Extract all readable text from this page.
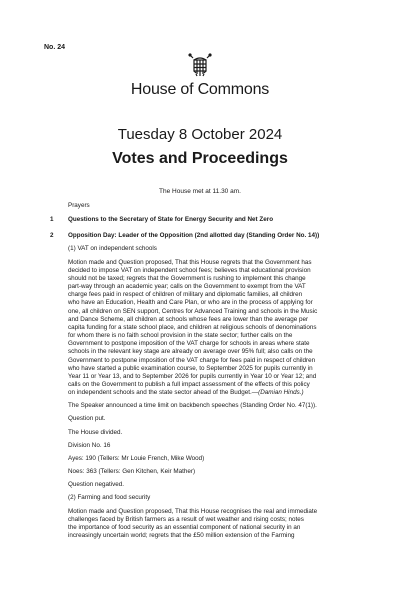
No. 24
House of Commons
Tuesday 8 October 2024
Votes and Proceedings
The House met at 11.30 am.
Prayers
1 Questions to the Secretary of State for Energy Security and Net Zero
2 Opposition Day: Leader of the Opposition (2nd allotted day (Standing Order No. 14))
(1) VAT on independent schools
Motion made and Question proposed, That this House regrets that the Government has
decided to impose VAT on independent school fees; believes that educational provision
should not be taxed; regrets that the Government is rushing to implement this change
part-way through an academic year; calls on the Government to exempt from the VAT
charge fees paid in respect of children of military and diplomatic families, all children
who have an Education, Health and Care Plan, or who are in the process of applying for
one, all children on SEN support, Centres for Advanced Training and schools in the Music
and Dance Scheme, all children at schools whose fees are lower than the average per
capita funding for a state school place, and children at religious schools of denominations
for whom there is no faith school provision in the state sector; further calls on the
Government to postpone imposition of the VAT charge for schools in areas where state
schools in the relevant key stage are already on average over 95% full; also calls on the
Government to postpone imposition of the VAT charge for fees paid in respect of children
who have started a public examination course, to September 2025 for pupils currently in
Year 11 or Year 13, and to September 2026 for pupils currently in Year 10 or Year 12; and
calls on the Government to publish a full impact assessment of the effects of this policy
on independent schools and the state sector ahead of the Budget.—(Damian Hinds.)
The Speaker announced a time limit on backbench speeches (Standing Order No. 47(1)).
Question put.
The House divided.
Division No. 16
Ayes: 190 (Tellers: Mr Louie French, Mike Wood)
Noes: 363 (Tellers: Gen Kitchen, Keir Mather)
Question negatived.
(2) Farming and food security
Motion made and Question proposed, That this House recognises the real and immediate
challenges faced by British farmers as a result of wet weather and rising costs; notes
the importance of food security as an essential component of national security in an
increasingly uncertain world; regrets that the £50 million extension of the Farming
